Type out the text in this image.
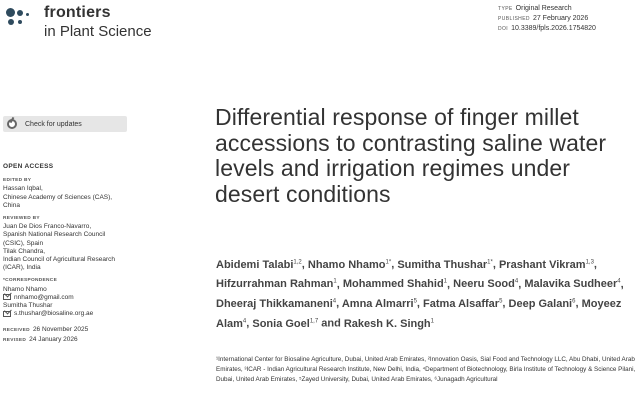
frontiers
in Plant Science
TYPE Original Research
PUBLISHED 27 February 2026
DOI 10.3389/fpls.2026.1754820
Check for updates
OPEN ACCESS
EDITED BY
Hassan Iqbal,
Chinese Academy of Sciences (CAS),
China
REVIEWED BY
Juan De Dios Franco-Navarro,
Spanish National Research Council
(CSIC), Spain
Tilak Chandra,
Indian Council of Agricultural Research
(ICAR), India
*CORRESPONDENCE
Nhamo Nhamo
nnhamo@gmail.com
Sumitha Thushar
s.thushar@biosaline.org.ae
RECEIVED 26 November 2025
REVISED 24 January 2026
Differential response of finger millet accessions to contrasting saline water levels and irrigation regimes under desert conditions
Abidemi Talabi$^{1,2}$, Nhamo Nhamo$^{1*}$, Sumitha Thushar$^{1*}$, Prashant Vikram$^{1,3}$, Hifzurrahman Rahman$^1$, Mohammed Shahid$^1$, Neeru Sood$^4$, Malavika Sudheer$^4$, Dheeraj Thikkamaneni$^4$, Amna Almarri$^5$, Fatma Alsaffar$^5$, Deep Galani$^6$, Moyeez Alam$^4$, Sonia Goel$^{1,7}$ and Rakesh K. Singh$^1$
¹International Center for Biosaline Agriculture, Dubai, United Arab Emirates, ²Innovation Oasis, Sial Food and Technology LLC, Abu Dhabi, United Arab Emirates, ³ICAR - Indian Agricultural Research Institute, New Delhi, India, ⁴Department of Biotechnology, Birla Institute of Technology & Science Pilani, Dubai, United Arab Emirates, ⁵Zayed University, Dubai, United Arab Emirates, ⁶Junagadh Agricultural
